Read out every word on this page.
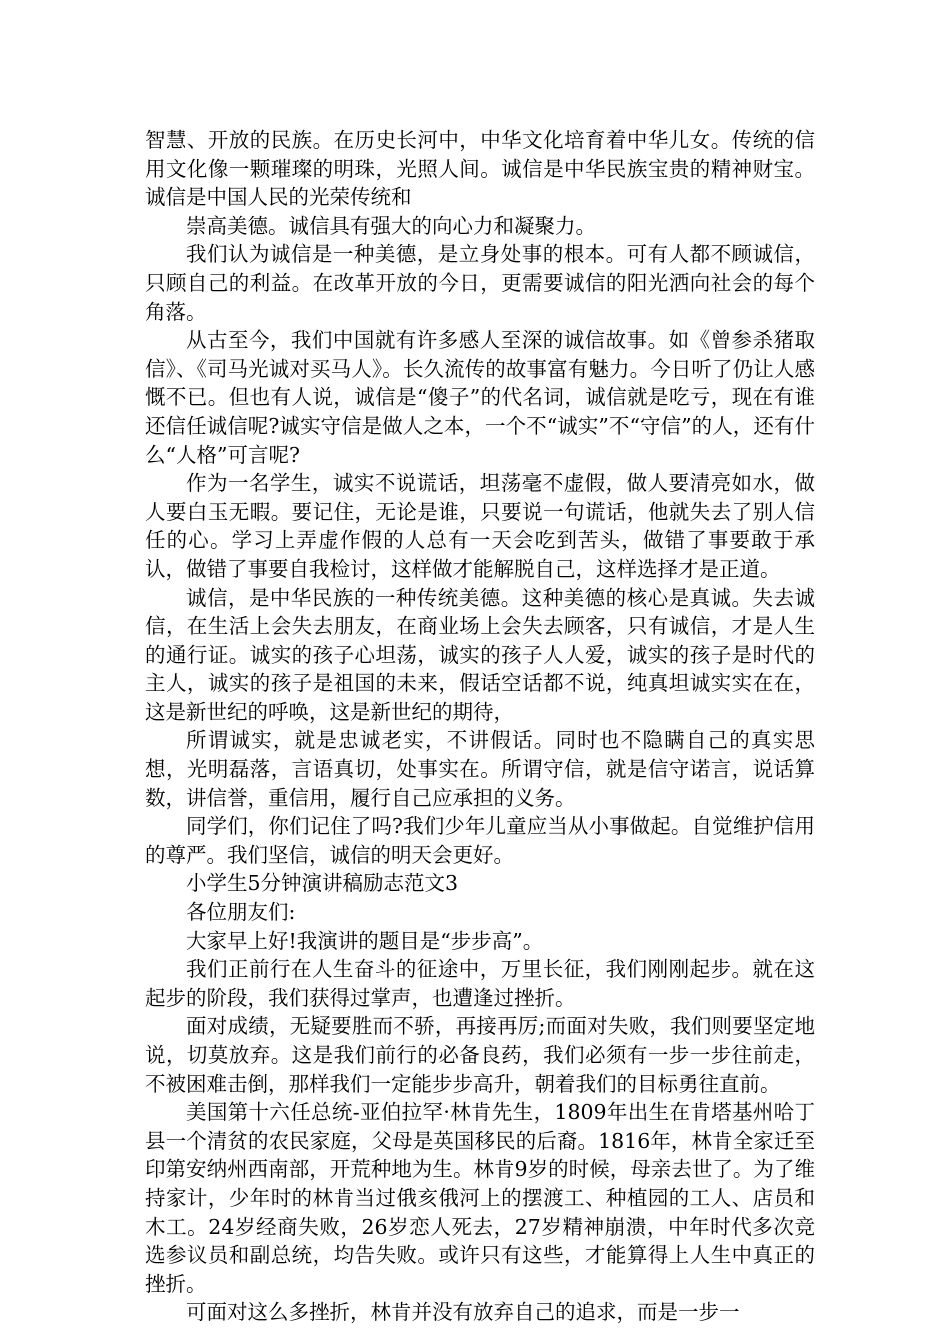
智慧、开放的民族。在历史长河中，中华文化培育着中华儿女。传统的信用文化像一颗璀璨的明珠，光照人间。诚信是中华民族宝贵的精神财宝。诚信是中国人民的光荣传统和

崇高美德。诚信具有强大的向心力和凝聚力。

我们认为诚信是一种美德，是立身处事的根本。可有人都不顾诚信，只顾自己的利益。在改革开放的今日，更需要诚信的阳光洒向社会的每个角落。

从古至今，我们中国就有许多感人至深的诚信故事。如《曾参杀猪取信》、《司马光诚对买马人》。长久流传的故事富有魅力。今日听了仍让人感慨不已。但也有人说，诚信是“傻子”的代名词，诚信就是吃亏，现在有谁还信任诚信呢?诚实守信是做人之本，一个不“诚实”不“守信”的人，还有什么“人格”可言呢?

作为一名学生，诚实不说谎话，坦荡毫不虚假，做人要清亮如水，做人要白玉无暇。要记住，无论是谁，只要说一句谎话，他就失去了别人信任的心。学习上弄虚作假的人总有一天会吃到苦头，做错了事要敢于承认，做错了事要自我检讨，这样做才能解脱自己，这样选择才是正道。

诚信，是中华民族的一种传统美德。这种美德的核心是真诚。失去诚信，在生活上会失去朋友，在商业场上会失去顾客，只有诚信，才是人生的通行证。诚实的孩子心坦荡，诚实的孩子人人爱，诚实的孩子是时代的主人，诚实的孩子是祖国的未来，假话空话都不说，纯真坦诚实实在在，这是新世纪的呼唤，这是新世纪的期待，

所谓诚实，就是忠诚老实，不讲假话。同时也不隐瞒自己的真实思想，光明磊落，言语真切，处事实在。所谓守信，就是信守诺言，说话算数，讲信誉，重信用，履行自己应承担的义务。

同学们，你们记住了吗?我们少年儿童应当从小事做起。自觉维护信用的尊严。我们坚信，诚信的明天会更好。

小学生5分钟演讲稿励志范文3

各位朋友们:

大家早上好!我演讲的题目是“步步高”。

我们正前行在人生奋斗的征途中，万里长征，我们刚刚起步。就在这起步的阶段，我们获得过掌声，也遭逢过挫折。

面对成绩，无疑要胜而不骄，再接再厉;而面对失败，我们则要坚定地说，切莫放弃。这是我们前行的必备良药，我们必须有一步一步往前走，不被困难击倒，那样我们一定能步步高升，朝着我们的目标勇往直前。

美国第十六任总统-亚伯拉罕·林肯先生，1809年出生在肯塔基州哈丁县一个清贫的农民家庭，父母是英国移民的后裔。1816年，林肯全家迁至印第安纳州西南部，开荒种地为生。林肯9岁的时候，母亲去世了。为了维持家计，少年时的林肯当过俄亥俄河上的摆渡工、种植园的工人、店员和木工。24岁经商失败，26岁恋人死去，27岁精神崩溃，中年时代多次竞选参议员和副总统，均告失败。或许只有这些，才能算得上人生中真正的挫折。

可面对这么多挫折，林肯并没有放弃自己的追求，而是一步一
